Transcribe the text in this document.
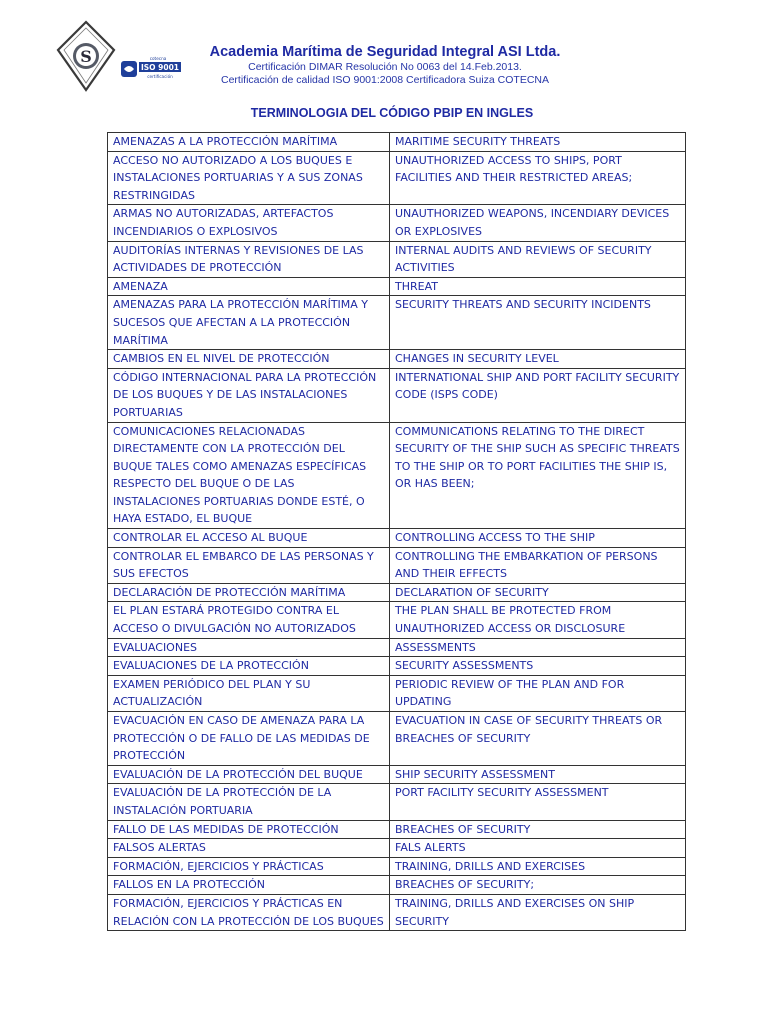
S	cotecna
ISO 9001
certificación
Academia Marítima de Seguridad Integral ASI Ltda.
Certificación DIMAR Resolución No 0063 del 14.Feb.2013.
Certificación de calidad ISO 9001:2008 Certificadora Suiza COTECNA
TERMINOLOGIA DEL CÓDIGO PBIP EN INGLES
AMENAZAS A LA PROTECCIÓN MARÍTIMA	MARITIME SECURITY THREATS
ACCESO NO AUTORIZADO A LOS BUQUES E INSTALACIONES PORTUARIAS Y A SUS ZONAS RESTRINGIDAS	UNAUTHORIZED ACCESS TO SHIPS, PORT FACILITIES AND THEIR RESTRICTED AREAS;
ARMAS NO AUTORIZADAS, ARTEFACTOS INCENDIARIOS O EXPLOSIVOS	UNAUTHORIZED WEAPONS, INCENDIARY DEVICES OR EXPLOSIVES
AUDITORÍAS INTERNAS Y REVISIONES DE LAS ACTIVIDADES DE PROTECCIÓN	INTERNAL AUDITS AND REVIEWS OF SECURITY ACTIVITIES
AMENAZA	THREAT
AMENAZAS PARA LA PROTECCIÓN MARÍTIMA Y SUCESOS QUE AFECTAN A LA PROTECCIÓN MARÍTIMA	SECURITY THREATS AND SECURITY INCIDENTS
CAMBIOS EN EL NIVEL DE PROTECCIÓN	CHANGES IN SECURITY LEVEL
CÓDIGO INTERNACIONAL PARA LA PROTECCIÓN DE LOS BUQUES Y DE LAS INSTALACIONES PORTUARIAS	INTERNATIONAL SHIP AND PORT FACILITY SECURITY CODE (ISPS CODE)
COMUNICACIONES RELACIONADAS DIRECTAMENTE CON LA PROTECCIÓN DEL BUQUE TALES COMO AMENAZAS ESPECÍFICAS RESPECTO DEL BUQUE O DE LAS INSTALACIONES PORTUARIAS DONDE ESTÉ, O HAYA ESTADO, EL BUQUE	COMMUNICATIONS RELATING TO THE DIRECT SECURITY OF THE SHIP SUCH AS SPECIFIC THREATS TO THE SHIP OR TO PORT FACILITIES THE SHIP IS, OR HAS BEEN;
CONTROLAR EL ACCESO AL BUQUE	CONTROLLING ACCESS TO THE SHIP
CONTROLAR EL EMBARCO DE LAS PERSONAS Y SUS EFECTOS	CONTROLLING THE EMBARKATION OF PERSONS AND THEIR EFFECTS
DECLARACIÓN DE PROTECCIÓN MARÍTIMA	DECLARATION OF SECURITY
EL PLAN ESTARÁ PROTEGIDO CONTRA EL ACCESO O DIVULGACIÓN NO AUTORIZADOS	THE PLAN SHALL BE PROTECTED FROM UNAUTHORIZED ACCESS OR DISCLOSURE
EVALUACIONES	ASSESSMENTS
EVALUACIONES DE LA PROTECCIÓN	SECURITY ASSESSMENTS
EXAMEN PERIÓDICO DEL PLAN Y SU ACTUALIZACIÓN	PERIODIC REVIEW OF THE PLAN AND FOR UPDATING
EVACUACIÓN EN CASO DE AMENAZA PARA LA PROTECCIÓN O DE FALLO DE LAS MEDIDAS DE PROTECCIÓN	EVACUATION IN CASE OF SECURITY THREATS OR BREACHES OF SECURITY
EVALUACIÓN DE LA PROTECCIÓN DEL BUQUE	SHIP SECURITY ASSESSMENT
EVALUACIÓN DE LA PROTECCIÓN DE LA INSTALACIÓN PORTUARIA	PORT FACILITY SECURITY ASSESSMENT
FALLO DE LAS MEDIDAS DE PROTECCIÓN	BREACHES OF SECURITY
FALSOS ALERTAS	FALS ALERTS
FORMACIÓN, EJERCICIOS Y PRÁCTICAS	TRAINING, DRILLS AND EXERCISES
FALLOS EN LA PROTECCIÓN	BREACHES OF SECURITY;
FORMACIÓN, EJERCICIOS Y PRÁCTICAS EN RELACIÓN CON LA PROTECCIÓN DE LOS BUQUES	TRAINING, DRILLS AND EXERCISES ON SHIP SECURITY
